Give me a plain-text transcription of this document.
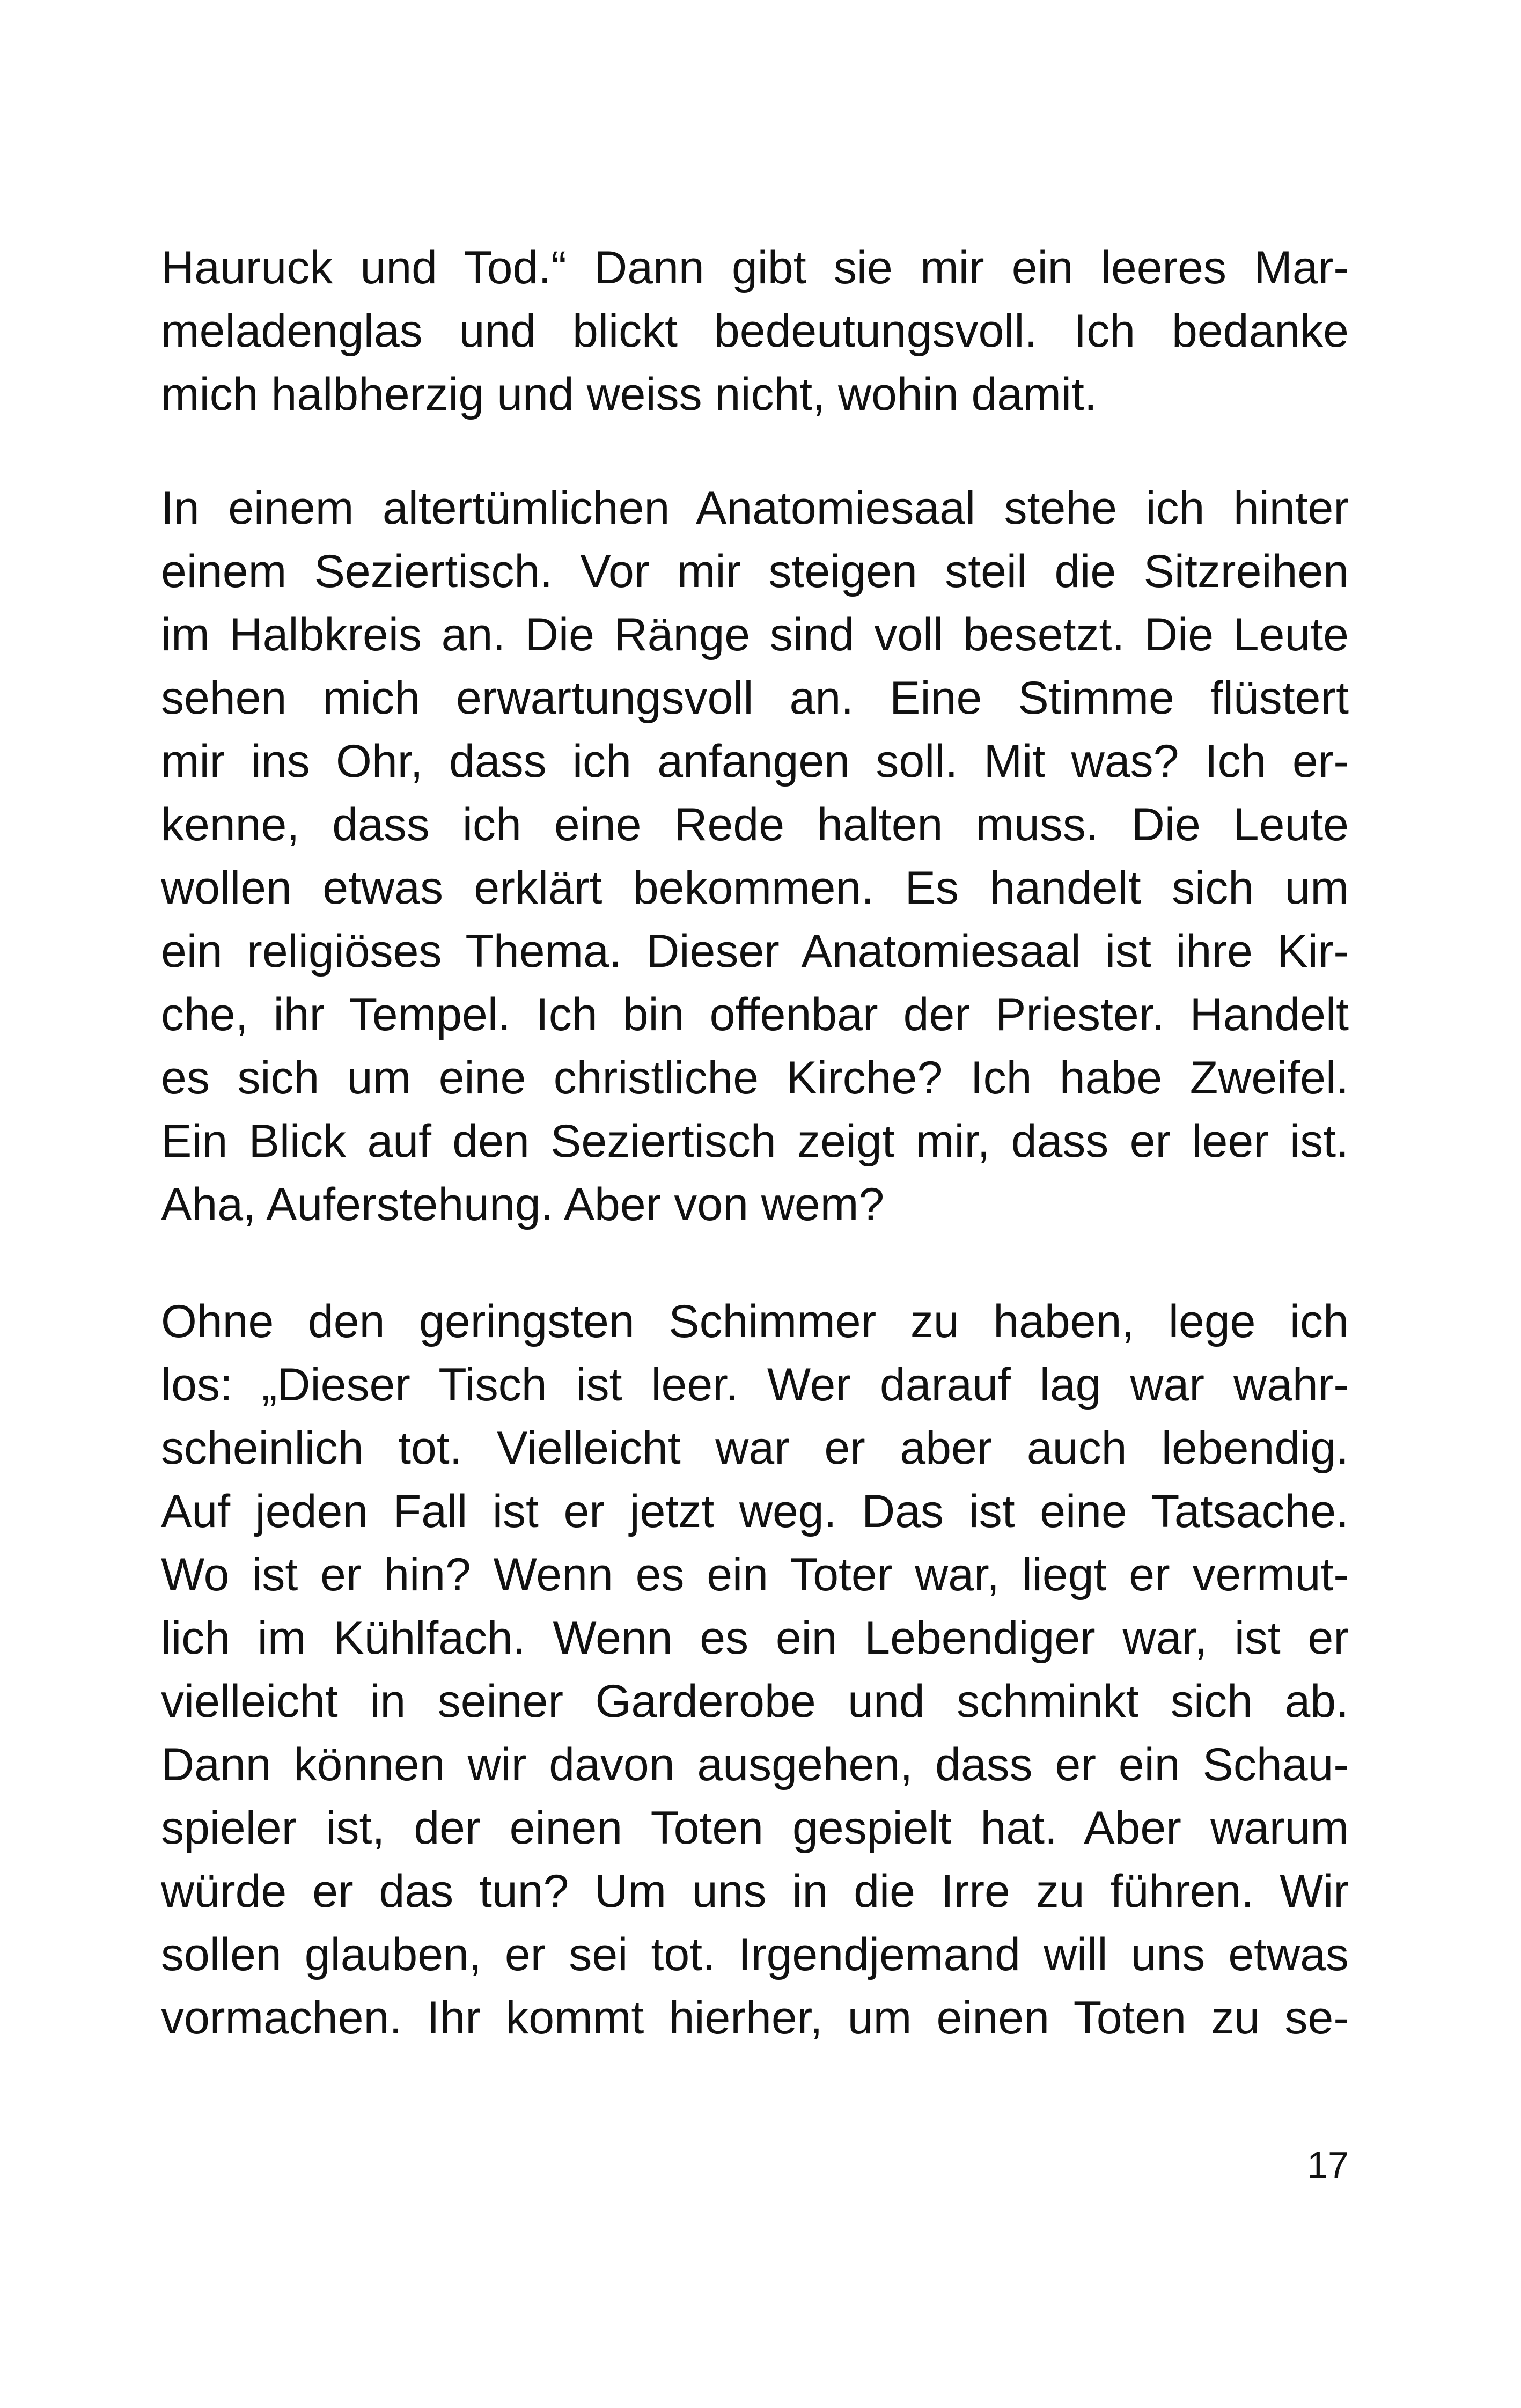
Hauruck und Tod.“ Dann gibt sie mir ein leeres Mar-
meladenglas und blickt bedeutungsvoll. Ich bedanke
mich halbherzig und weiss nicht, wohin damit.
In einem altertümlichen Anatomiesaal stehe ich hinter
einem Seziertisch. Vor mir steigen steil die Sitzreihen
im Halbkreis an. Die Ränge sind voll besetzt. Die Leute
sehen mich erwartungsvoll an. Eine Stimme flüstert
mir ins Ohr, dass ich anfangen soll. Mit was? Ich er-
kenne, dass ich eine Rede halten muss. Die Leute
wollen etwas erklärt bekommen. Es handelt sich um
ein religiöses Thema. Dieser Anatomiesaal ist ihre Kir-
che, ihr Tempel. Ich bin offenbar der Priester. Handelt
es sich um eine christliche Kirche? Ich habe Zweifel.
Ein Blick auf den Seziertisch zeigt mir, dass er leer ist.
Aha, Auferstehung. Aber von wem?
Ohne den geringsten Schimmer zu haben, lege ich
los: „Dieser Tisch ist leer. Wer darauf lag war wahr-
scheinlich tot. Vielleicht war er aber auch lebendig.
Auf jeden Fall ist er jetzt weg. Das ist eine Tatsache.
Wo ist er hin? Wenn es ein Toter war, liegt er vermut-
lich im Kühlfach. Wenn es ein Lebendiger war, ist er
vielleicht in seiner Garderobe und schminkt sich ab.
Dann können wir davon ausgehen, dass er ein Schau-
spieler ist, der einen Toten gespielt hat. Aber warum
würde er das tun? Um uns in die Irre zu führen. Wir
sollen glauben, er sei tot. Irgendjemand will uns etwas
vormachen. Ihr kommt hierher, um einen Toten zu se-
17
